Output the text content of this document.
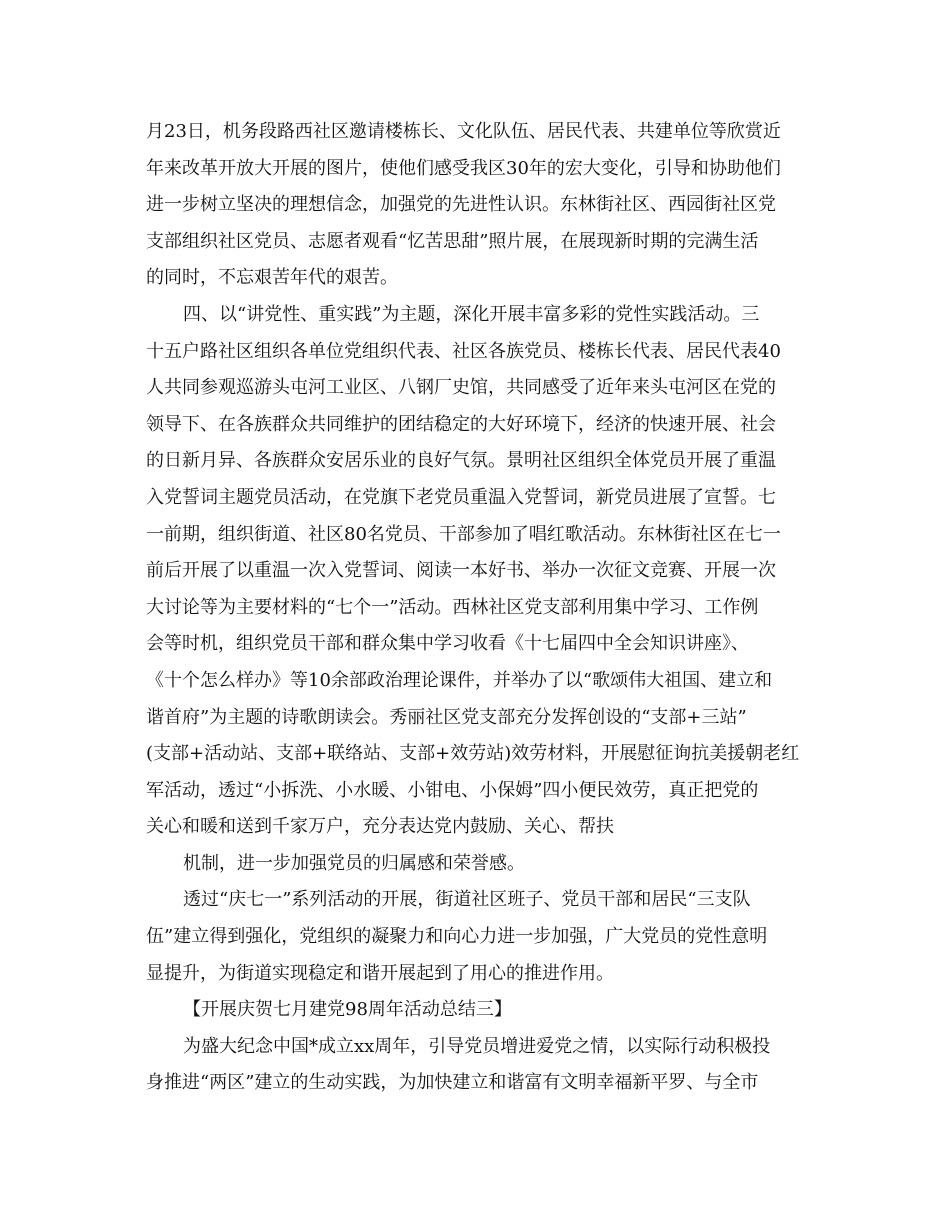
月23日，机务段路西社区邀请楼栋长、文化队伍、居民代表、共建单位等欣赏近
年来改革开放大开展的图片，使他们感受我区30年的宏大变化，引导和协助他们
进一步树立坚决的理想信念，加强党的先进性认识。东林街社区、西园街社区党
支部组织社区党员、志愿者观看“忆苦思甜”照片展，在展现新时期的完满生活
的同时，不忘艰苦年代的艰苦。
四、以“讲党性、重实践”为主题，深化开展丰富多彩的党性实践活动。三
十五户路社区组织各单位党组织代表、社区各族党员、楼栋长代表、居民代表40
人共同参观巡游头屯河工业区、八钢厂史馆，共同感受了近年来头屯河区在党的
领导下、在各族群众共同维护的团结稳定的大好环境下，经济的快速开展、社会
的日新月异、各族群众安居乐业的良好气氛。景明社区组织全体党员开展了重温
入党誓词主题党员活动，在党旗下老党员重温入党誓词，新党员进展了宣誓。七
一前期，组织街道、社区80名党员、干部参加了唱红歌活动。东林街社区在七一
前后开展了以重温一次入党誓词、阅读一本好书、举办一次征文竞赛、开展一次
大讨论等为主要材料的“七个一”活动。西林社区党支部利用集中学习、工作例
会等时机，组织党员干部和群众集中学习收看《十七届四中全会知识讲座》、
《十个怎么样办》等10余部政治理论课件，并举办了以“歌颂伟大祖国、建立和
谐首府”为主题的诗歌朗读会。秀丽社区党支部充分发挥创设的“支部+三站”
(支部+活动站、支部+联络站、支部+效劳站)效劳材料，开展慰征询抗美援朝老红
军活动，透过“小拆洗、小水暖、小钳电、小保姆”四小便民效劳，真正把党的
关心和暖和送到千家万户，充分表达党内鼓励、关心、帮扶
机制，进一步加强党员的归属感和荣誉感。
透过“庆七一”系列活动的开展，街道社区班子、党员干部和居民“三支队
伍”建立得到强化，党组织的凝聚力和向心力进一步加强，广大党员的党性意明
显提升，为街道实现稳定和谐开展起到了用心的推进作用。
【开展庆贺七月建党98周年活动总结三】
为盛大纪念中国*成立xx周年，引导党员增进爱党之情，以实际行动积极投
身推进“两区”建立的生动实践，为加快建立和谐富有文明幸福新平罗、与全市
